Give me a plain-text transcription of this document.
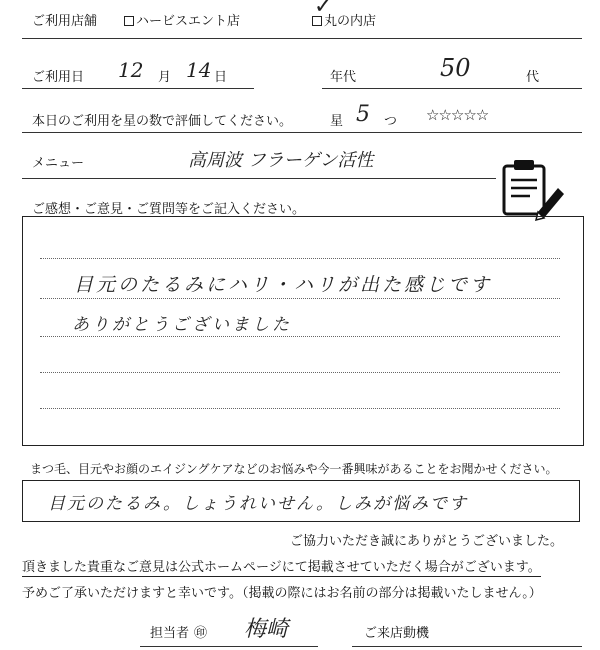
ご利用店舗	ハービスエント店	丸の内店
✓
ご利用日 12 月 14 日	年代	50	代
本日のご利用を星の数で評価してください。	星 5 つ ☆☆☆☆☆
メニュー	高周波 フラーゲン活性
ご感想・ご意見・ご質問等をご記入ください。
目元のたるみにハリ・ハリが出た感じです
ありがとうございました
まつ毛、目元やお顔のエイジングケアなどのお悩みや今一番興味があることをお聞かせください。
目元のたるみ。しょうれいせん。しみが悩みです
ご協力いただき誠にありがとうございました。
頂きました貴重なご意見は公式ホームページにて掲載させていただく場合がございます。
予めご了承いただけますと幸いです。（掲載の際にはお名前の部分は掲載いたしません。）
担当者 ㊞ 梅崎	ご来店動機
